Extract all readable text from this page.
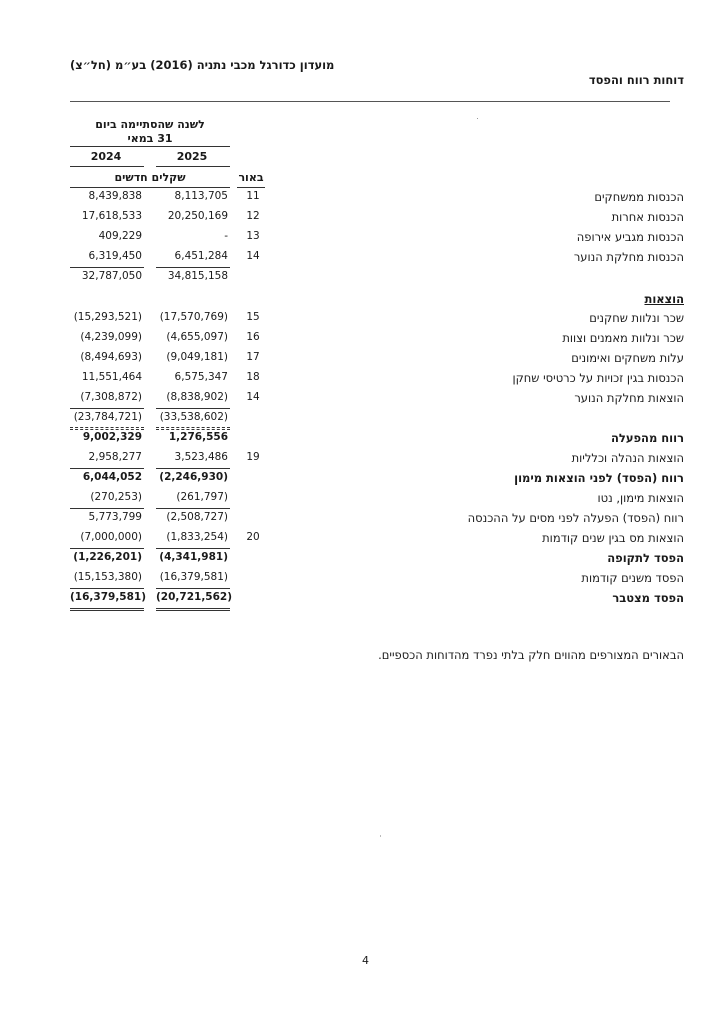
מועדון כדורגל מכבי נתניה (2016) בע״מ (חל״צ)
דוחות רווח והפסד
לשנה שהסתיימה ביום
31 במאי
2024	2025
שקלים חדשים	באור
8,439,838	8,113,705	11	הכנסות ממשחקים
17,618,533	20,250,169	12	הכנסות אחרות
409,229	-	13	הכנסות מגביע אירופה
6,319,450	6,451,284	14	הכנסות מחלקת הנוער
32,787,050	34,815,158
הוצאות
(15,293,521)	(17,570,769)	15	שכר ונלוות שחקנים
(4,239,099)	(4,655,097)	16	שכר ונלוות מאמנים וצוות
(8,494,693)	(9,049,181)	17	עלות משחקים ואימונים
11,551,464	6,575,347	18	הכנסות בגין זכויות על כרטיסי שחקן
(7,308,872)	(8,838,902)	14	הוצאות מחלקת הנוער
(23,784,721)	(33,538,602)
9,002,329	1,276,556	רווח מהפעלה
2,958,277	3,523,486	19	הוצאות הנהלה וכלליות
6,044,052	(2,246,930)	רווח (הפסד) לפני הוצאות מימון
(270,253)	(261,797)	הוצאות מימון, נטו
5,773,799	(2,508,727)	רווח (הפסד) הפעלה לפני מסים על ההכנסה
(7,000,000)	(1,833,254)	20	הוצאות מס בגין שנים קודמות
(1,226,201)	(4,341,981)	הפסד לתקופה
(15,153,380)	(16,379,581)	הפסד משנים קודמות
(16,379,581) (20,721,562)	הפסד מצטבר
הבאורים המצורפים מהווים חלק בלתי נפרד מהדוחות הכספיים.
4
